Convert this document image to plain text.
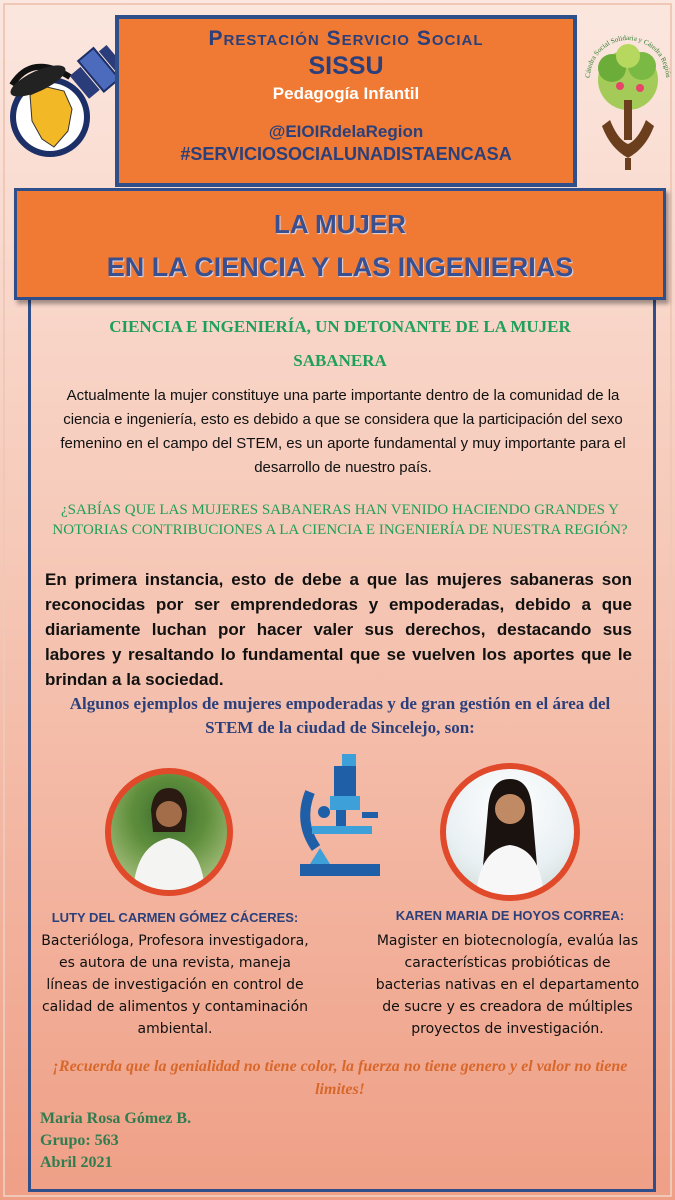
Prestación Servicio Social
SISSU
Pedagogía Infantil
@EIOIRdelaRegion
#SERVICIOSOCIALUNADISTAENCASA
Cátedra Social Solidaria y Cátedra Región
LA MUJER
EN LA CIENCIA Y LAS INGENIERIAS
CIENCIA E INGENIERÍA, UN DETONANTE DE LA MUJER
SABANERA
Actualmente la mujer constituye una parte importante dentro de la comunidad de la ciencia e ingeniería, esto es debido a que se considera que la participación del sexo femenino en el campo del STEM, es un aporte fundamental y muy importante para el desarrollo de nuestro país.
¿SABÍAS QUE LAS MUJERES SABANERAS HAN VENIDO HACIENDO GRANDES Y NOTORIAS CONTRIBUCIONES A LA CIENCIA E INGENIERÍA DE NUESTRA REGIÓN?
En primera instancia, esto de debe a que las mujeres sabaneras son reconocidas por ser emprendedoras y empoderadas, debido a que diariamente luchan por hacer valer sus derechos, destacando sus labores y resaltando lo fundamental que se vuelven los aportes que le brindan a la sociedad.
Algunos ejemplos de mujeres empoderadas y de gran gestión en el área del STEM de la ciudad de Sincelejo, son:
LUTY DEL CARMEN GÓMEZ CÁCERES:
Bacterióloga, Profesora investigadora, es autora de una revista, maneja líneas de investigación en control de calidad de alimentos y contaminación ambiental.
KAREN MARIA DE HOYOS CORREA:
Magister en biotecnología, evalúa las características probióticas de bacterias nativas en el departamento de sucre y es creadora de múltiples proyectos de investigación.
¡Recuerda que la genialidad no tiene color, la fuerza no tiene genero y el valor no tiene limites!
Maria Rosa Gómez B.
Grupo: 563
Abril 2021
